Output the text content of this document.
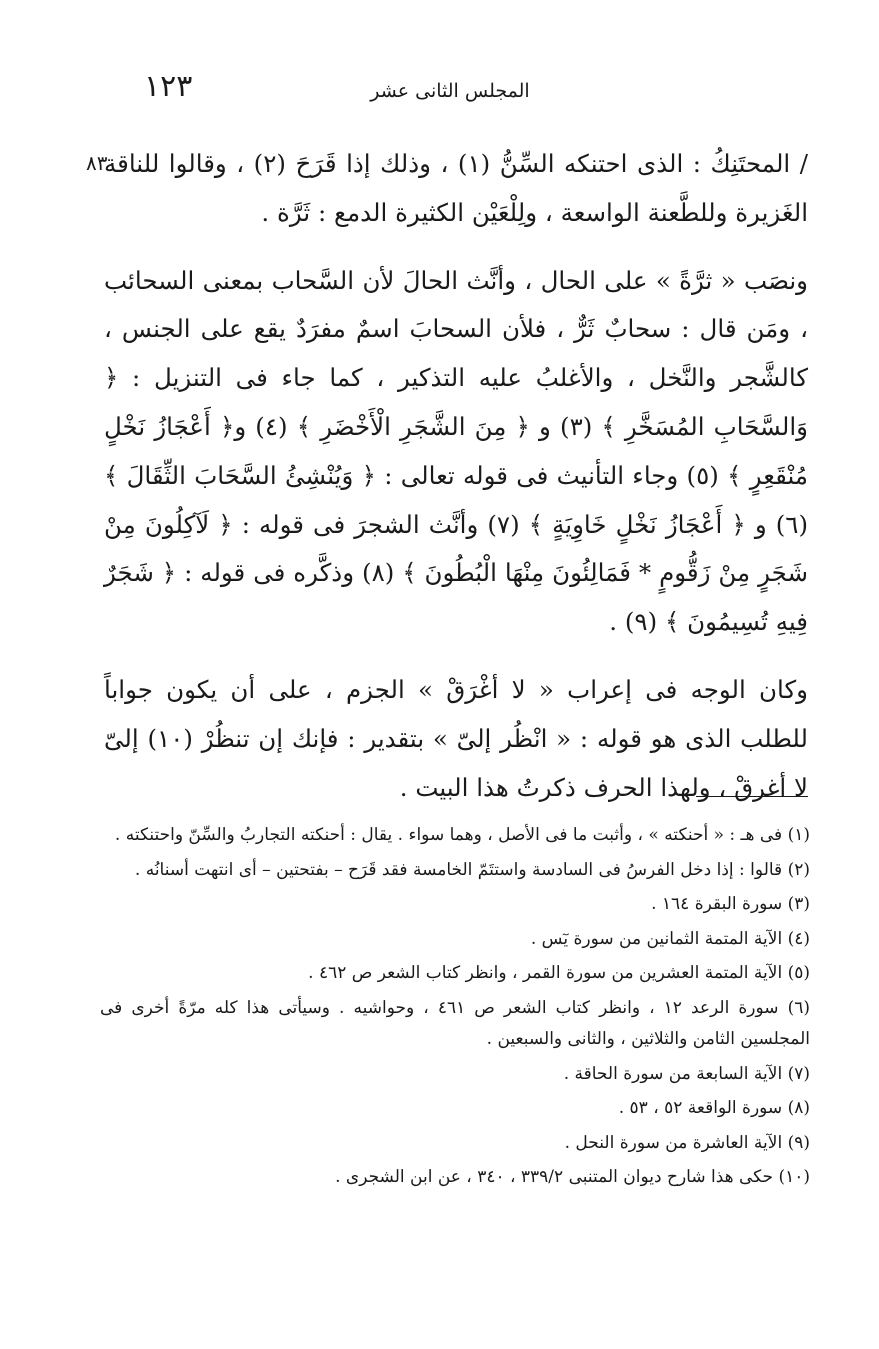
١٢٣	المجلس الثانى عشر
٨٣

/ المحتَنِكُ : الذى احتنكه السِّنُّ (١) ، وذلك إذا قَرَحَ (٢) ، وقالوا للناقة الغَزيرة وللطَّعنة الواسعة ، ولِلْعَيْن الكثيرة الدمع : ثَرَّة .

ونصَب « ثرَّةً » على الحال ، وأنَّث الحالَ لأن السَّحاب بمعنى السحائب ، ومَن قال : سحابٌ ثَرٌّ ، فلأن السحابَ اسمٌ مفرَدٌ يقع على الجنس ، كالشَّجر والنَّخل ، والأغلبُ عليه التذكير ، كما جاء فى التنزيل : ﴿ وَالسَّحَابِ المُسَخَّرِ ﴾ (٣) و ﴿ مِنَ الشَّجَرِ الْأَخْضَرِ ﴾ (٤) و﴿ أَعْجَازُ نَخْلٍ مُنْقَعِرٍ ﴾ (٥) وجاء التأنيث فى قوله تعالى : ﴿ وَيُنْشِئُ السَّحَابَ الثِّقَالَ ﴾ (٦) و ﴿ أَعْجَازُ نَخْلٍ خَاوِيَةٍ ﴾ (٧) وأنَّث الشجرَ فى قوله : ﴿ لَآكِلُونَ مِنْ شَجَرٍ مِنْ زَقُّومٍ * فَمَالِئُونَ مِنْهَا الْبُطُونَ ﴾ (٨) وذكَّره فى قوله : ﴿ شَجَرٌ فِيهِ تُسِيمُونَ ﴾ (٩) .

وكان الوجه فى إعراب « لا أغْرَقْ » الجزم ، على أن يكون جواباً للطلب الذى هو قوله : « انْظُر إلىّ » بتقدير : فإنك إن تنظُرْ (١٠) إلىّ لا أغرقْ ، ولهذا الحرف ذكرتُ هذا البيت .

(١) فى هـ : « أحنكته » ، وأثبت ما فى الأصل ، وهما سواء . يقال : أحنكته التجاربُ والسِّنّ واحتنكته .

(٢) قالوا : إذا دخل الفرسُ فى السادسة واستتَمّ الخامسة فقد قَرَح – بفتحتين – أى انتهت أسنانُه .

(٣) سورة البقرة ١٦٤ .

(٤) الآية المتمة الثمانين من سورة يٓس .

(٥) الآية المتمة العشرين من سورة القمر ، وانظر كتاب الشعر ص ٤٦٢ .

(٦) سورة الرعد ١٢ ، وانظر كتاب الشعر ص ٤٦١ ، وحواشيه . وسيأتى هذا كله مرّةً أخرى فى المجلسين الثامن والثلاثين ، والثانى والسبعين .

(٧) الآية السابعة من سورة الحاقة .

(٨) سورة الواقعة ٥٢ ، ٥٣ .

(٩) الآية العاشرة من سورة النحل .

(١٠) حكى هذا شارح ديوان المتنبى ٣٣٩/٢ ، ٣٤٠ ، عن ابن الشجرى .
